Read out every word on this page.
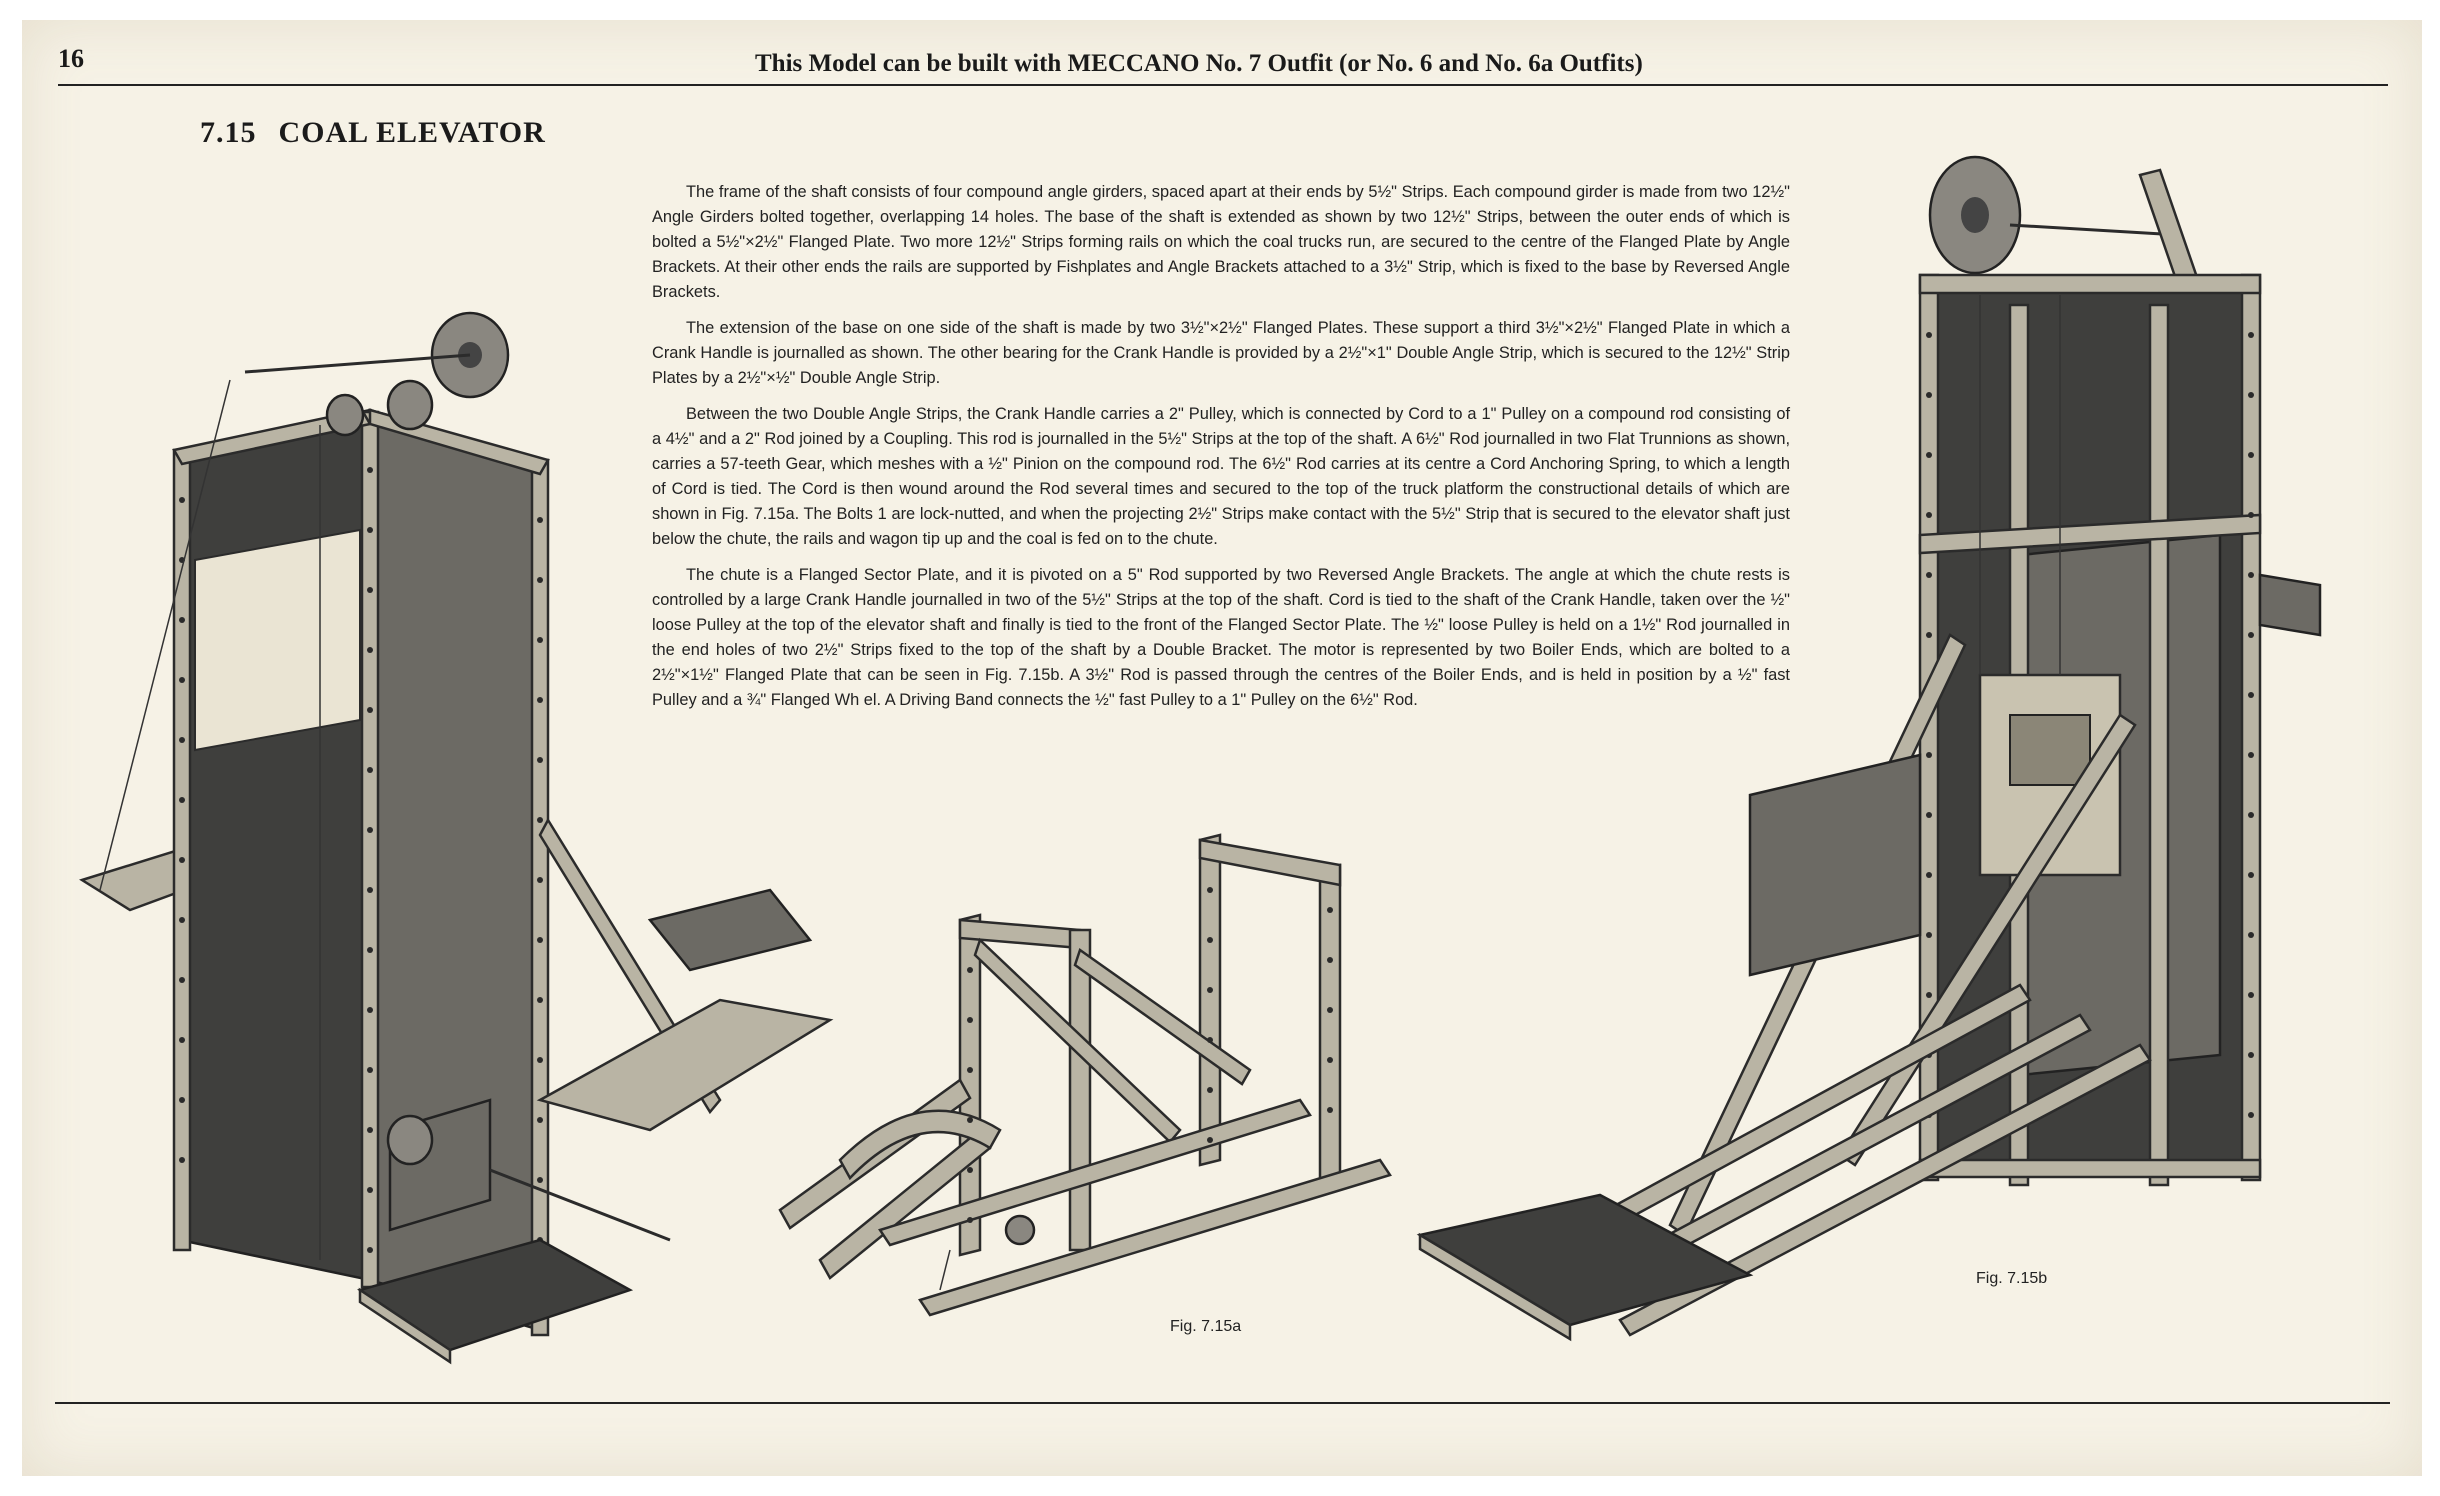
16	This Model can be built with MECCANO No. 7 Outfit (or No. 6 and No. 6a Outfits)
7.15 COAL ELEVATOR

The frame of the shaft consists of four compound angle girders, spaced apart at their ends by 5½" Strips. Each compound girder is made from two 12½" Angle Girders bolted together, overlapping 14 holes. The base of the shaft is extended as shown by two 12½" Strips, between the outer ends of which is bolted a 5½"×2½" Flanged Plate. Two more 12½" Strips forming rails on which the coal trucks run, are secured to the centre of the Flanged Plate by Angle Brackets. At their other ends the rails are supported by Fishplates and Angle Brackets attached to a 3½" Strip, which is fixed to the base by Reversed Angle Brackets.

The extension of the base on one side of the shaft is made by two 3½"×2½" Flanged Plates. These support a third 3½"×2½" Flanged Plate in which a Crank Handle is journalled as shown. The other bearing for the Crank Handle is provided by a 2½"×1" Double Angle Strip, which is secured to the 12½" Strip Plates by a 2½"×½" Double Angle Strip.

Between the two Double Angle Strips, the Crank Handle carries a 2" Pulley, which is connected by Cord to a 1" Pulley on a compound rod consisting of a 4½" and a 2" Rod joined by a Coupling. This rod is journalled in the 5½" Strips at the top of the shaft. A 6½" Rod journalled in two Flat Trunnions as shown, carries a 57-teeth Gear, which meshes with a ½" Pinion on the compound rod. The 6½" Rod carries at its centre a Cord Anchoring Spring, to which a length of Cord is tied. The Cord is then wound around the Rod several times and secured to the top of the truck platform the constructional details of which are shown in Fig. 7.15a. The Bolts 1 are lock-nutted, and when the projecting 2½" Strips make contact with the 5½" Strip that is secured to the elevator shaft just below the chute, the rails and wagon tip up and the coal is fed on to the chute.

The chute is a Flanged Sector Plate, and it is pivoted on a 5" Rod supported by two Reversed Angle Brackets. The angle at which the chute rests is controlled by a large Crank Handle journalled in two of the 5½" Strips at the top of the shaft. Cord is tied to the shaft of the Crank Handle, taken over the ½" loose Pulley at the top of the elevator shaft and finally is tied to the front of the Flanged Sector Plate. The ½" loose Pulley is held on a 1½" Rod journalled in the end holes of two 2½" Strips fixed to the top of the shaft by a Double Bracket. The motor is represented by two Boiler Ends, which are bolted to a 2½"×1½" Flanged Plate that can be seen in Fig. 7.15b. A 3½" Rod is passed through the centres of the Boiler Ends, and is held in position by a ½" fast Pulley and a ¾" Flanged Wh el. A Driving Band connects the ½" fast Pulley to a 1" Pulley on the 6½" Rod.

Fig. 7.15a
Fig. 7.15b
